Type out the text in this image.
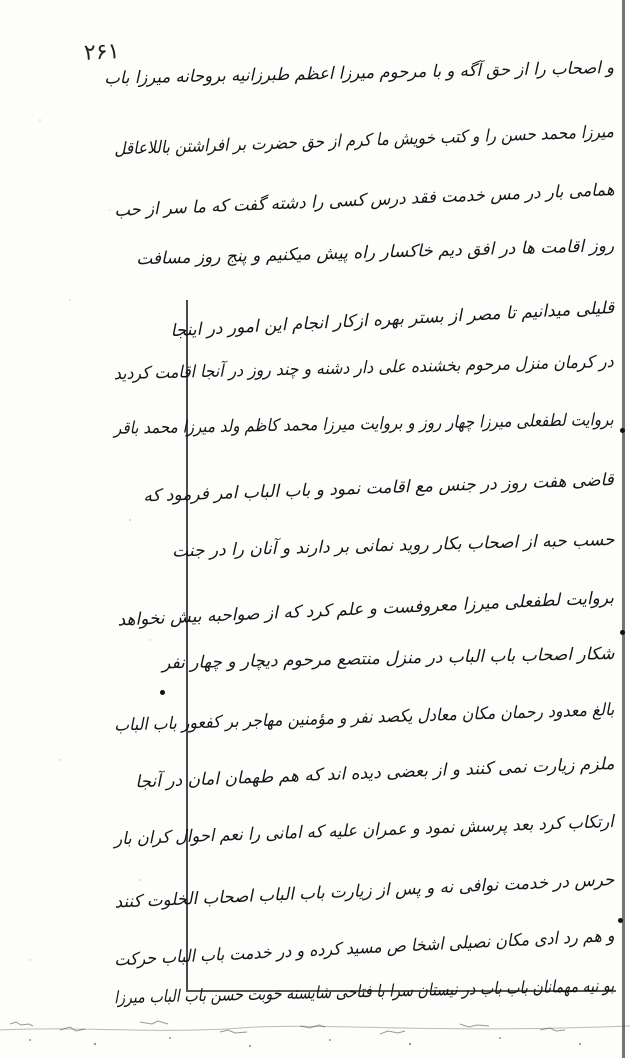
۲۶۱
و اصحاب را از حق آگه و با مرحوم میرزا اعظم طبرزانیه بروحانه میرزا باب
میرزا محمد حسن را و کتب خویش ما کرم از حق حضرت بر افراشتن باللاعاقل
همامی بار در مس خدمت فقد درس کسی را دشته گفت که ما سر از حب
روز اقامت ها در افق دیم خاکسار راه پیش میکنیم و پنج روز مسافت
قلیلی میدانیم تا مصر از بستر بهره ازکار انجام این امور در اینجا
در کرمان منزل مرحوم بخشنده علی دار دشنه و چند روز در آنجا اقامت کردید
بروایت لطفعلی میرزا چهار روز و بروایت میرزا محمد کاظم ولد میرزا محمد باقر
قاضی هفت روز در جنس مع اقامت نمود و باب الباب امر فرمود که
حسب حبه از اصحاب بکار روید نمانی بر دارند و آنان را در جنت
بروایت لطفعلی میرزا معروفست و علم کرد که از صواحبه بیش نخواهد
شکار اصحاب باب الباب در منزل منتصع مرحوم دیچار و چهار نفر
بالغ معدود رحمان مکان معادل یکصد نفر و مؤمنین مهاجر بر کفعور باب الباب
ملزم زیارت نمی کنند و از بعضی دیده اند که هم طهمان امان در آنجا
ارتکاب کرد بعد پرسش نمود و عمران علیه که امانی را نعم احوال کران بار
حرس در خدمت نوافی نه و پس از زیارت باب الباب اصحاب الخلوت کنند
و هم رد ادی مکان نصیلی اشخا ص مسید کرده و در خدمت باب الباب حرکت
بو نیه مهمانان باب باب در نیستان سرا با فتاحی شایسته خوبت حسن باب الباب میرزا
